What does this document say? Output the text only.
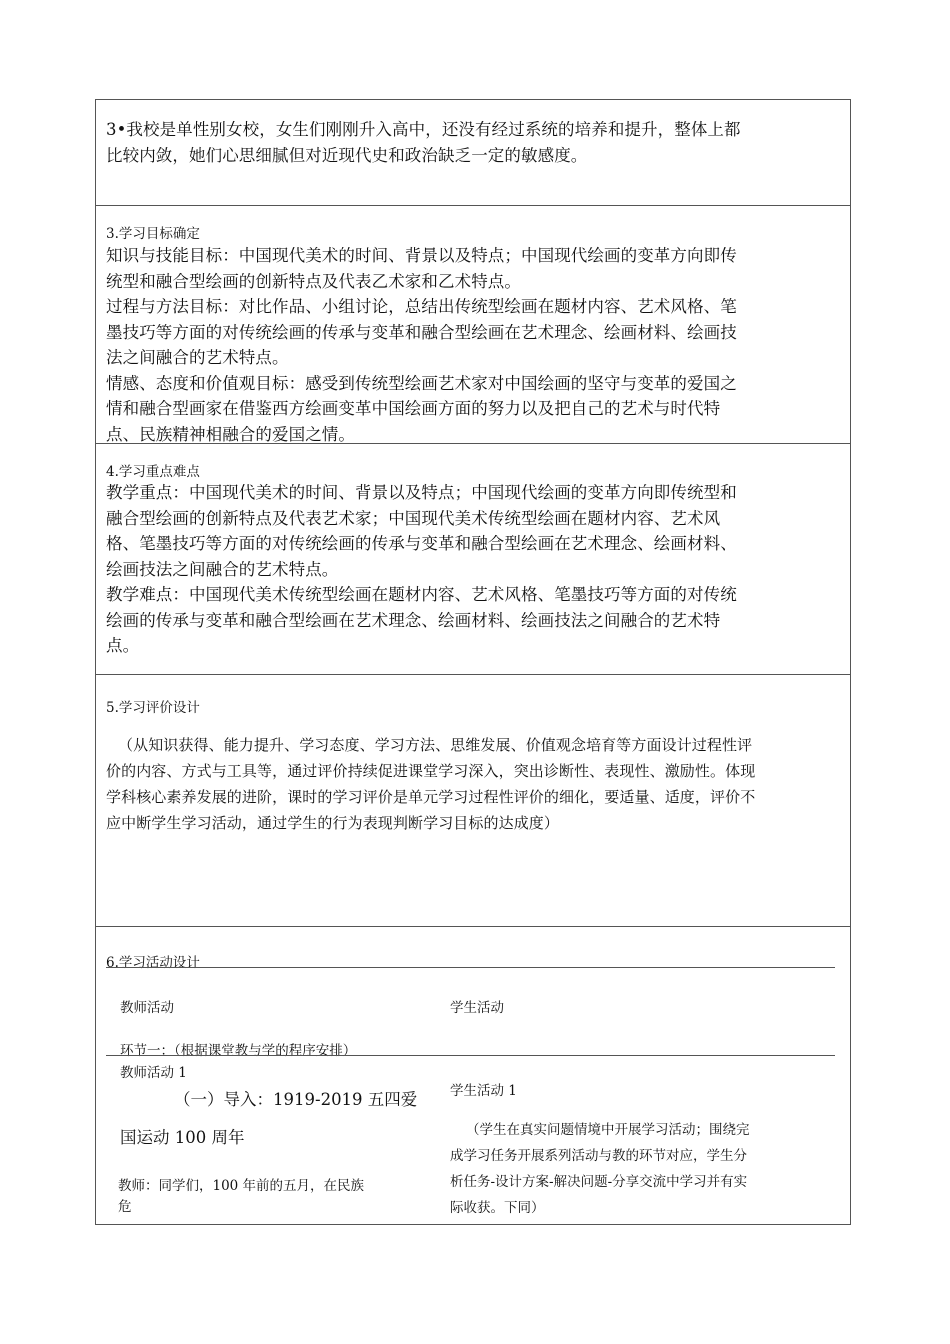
3•我校是单性别女校，女生们刚刚升入高中，还没有经过系统的培养和提升，整体上都
比较内敛，她们心思细腻但对近现代史和政治缺乏一定的敏感度。
3.学习目标确定
知识与技能目标：中国现代美术的时间、背景以及特点；中国现代绘画的变革方向即传
统型和融合型绘画的创新特点及代表乙术家和乙术特点。
过程与方法目标：对比作品、小组讨论，总结出传统型绘画在题材内容、艺术风格、笔
墨技巧等方面的对传统绘画的传承与变革和融合型绘画在艺术理念、绘画材料、绘画技
法之间融合的艺术特点。
情感、态度和价值观目标：感受到传统型绘画艺术家对中国绘画的坚守与变革的爱国之
情和融合型画家在借鉴西方绘画变革中国绘画方面的努力以及把自己的艺术与时代特
点、民族精神相融合的爱国之情。
4.学习重点难点
教学重点：中国现代美术的时间、背景以及特点；中国现代绘画的变革方向即传统型和
融合型绘画的创新特点及代表艺术家；中国现代美术传统型绘画在题材内容、艺术风
格、笔墨技巧等方面的对传统绘画的传承与变革和融合型绘画在艺术理念、绘画材料、
绘画技法之间融合的艺术特点。
教学难点：中国现代美术传统型绘画在题材内容、艺术风格、笔墨技巧等方面的对传统
绘画的传承与变革和融合型绘画在艺术理念、绘画材料、绘画技法之间融合的艺术特
点。
5.学习评价设计
（从知识获得、能力提升、学习态度、学习方法、思维发展、价值观念培育等方面设计过程性评
价的内容、方式与工具等，通过评价持续促进课堂学习深入，突出诊断性、表现性、激励性。体现
学科核心素养发展的进阶，课时的学习评价是单元学习过程性评价的细化，要适量、适度，评价不
应中断学生学习活动，通过学生的行为表现判断学习目标的达成度）
6.学习活动设计
教师活动	学生活动
环节一：（根据课堂教与学的程序安排）
教师活动 1
（一）导入：1919-2019 五四爱
国运动 100 周年
教师：同学们，100 年前的五月，在民族
危
学生活动 1
（学生在真实问题情境中开展学习活动；围绕完
成学习任务开展系列活动与教的环节对应，学生分
析任务-设计方案-解决问题-分享交流中学习并有实
际收获。下同）
